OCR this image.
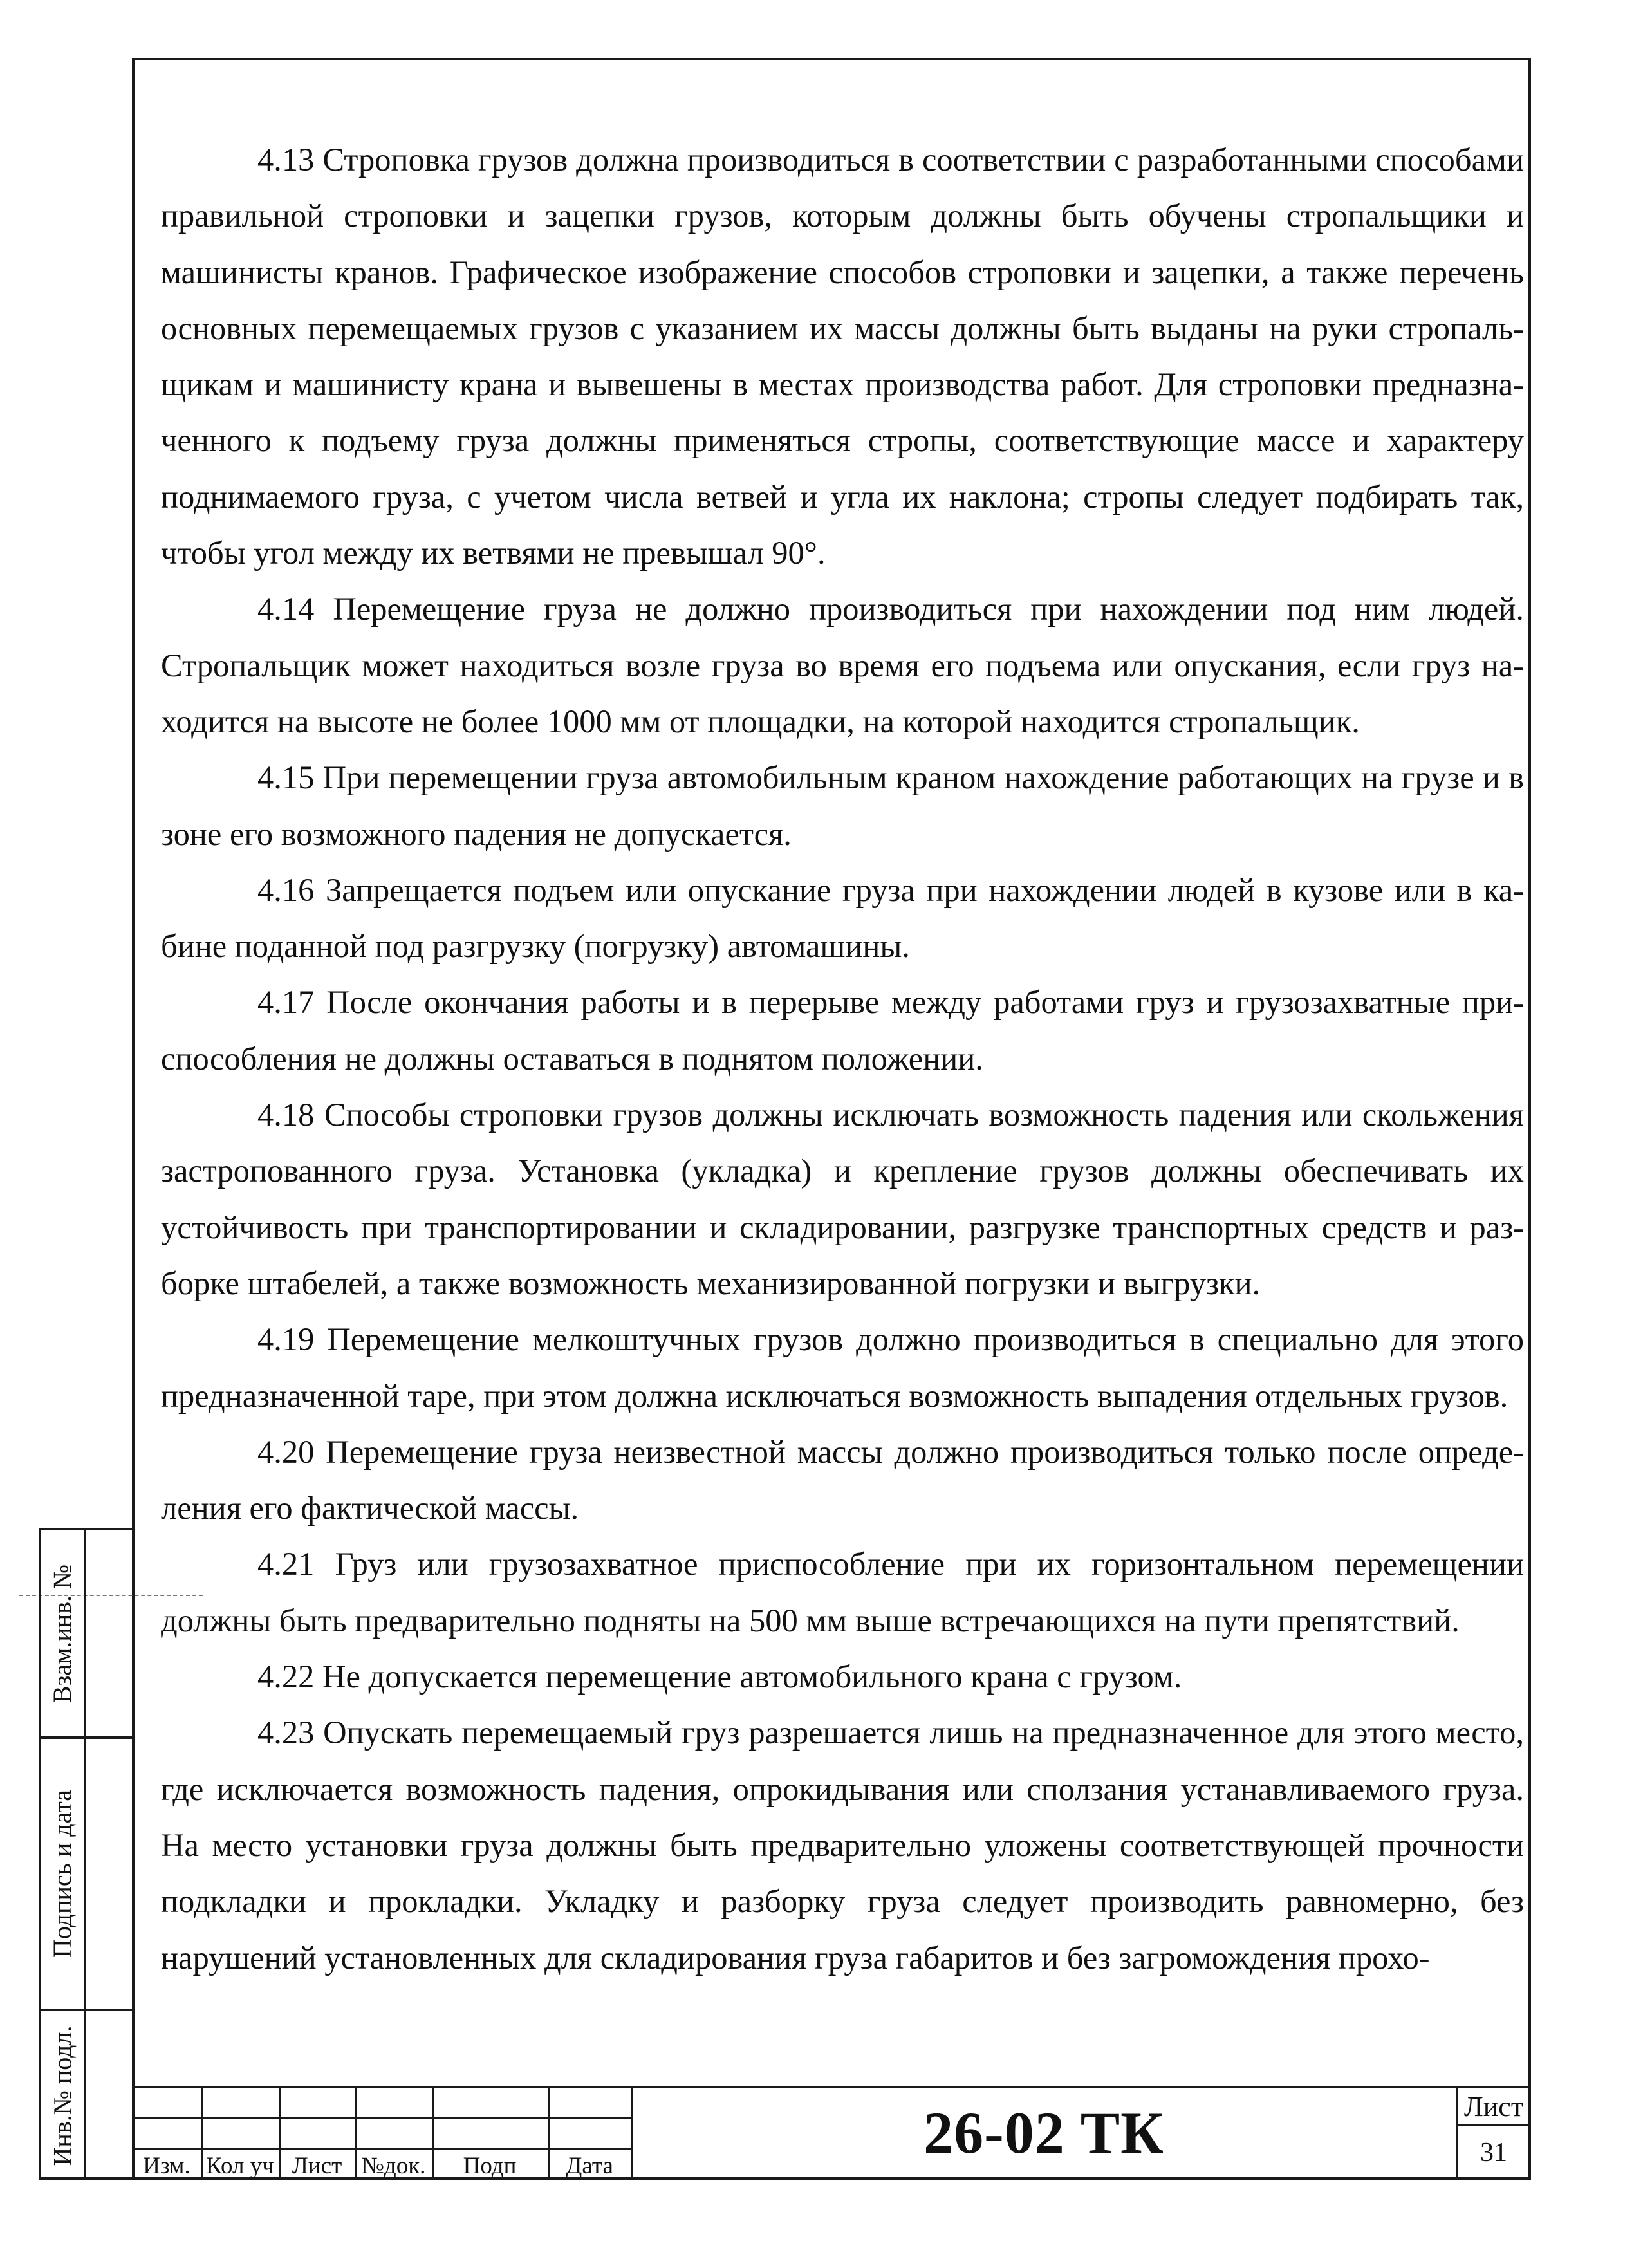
4.13 Строповка грузов должна производиться в соответствии с разработанными способами правильной строповки и зацепки грузов, которым должны быть обучены стропальщики и машинисты кранов. Графическое изображение способов строповки и зацепки, а также перечень основных перемещаемых грузов с указанием их массы должны быть выданы на руки стропальщикам и машинисту крана и вывешены в местах производства работ. Для строповки предназначенного к подъему груза должны применяться стропы, соответствующие массе и характеру поднимаемого груза, с учетом числа ветвей и угла их наклона; стропы следует подбирать так, чтобы угол между их ветвями не превышал 90°.

4.14 Перемещение груза не должно производиться при нахождении под ним людей. Стропальщик может находиться возле груза во время его подъема или опускания, если груз находится на высоте не более 1000 мм от площадки, на которой находится стропальщик.

4.15 При перемещении груза автомобильным краном нахождение работающих на грузе и в зоне его возможного падения не допускается.

4.16 Запрещается подъем или опускание груза при нахождении людей в кузове или в кабине поданной под разгрузку (погрузку) автомашины.

4.17 После окончания работы и в перерыве между работами груз и грузозахватные приспособления не должны оставаться в поднятом положении.

4.18 Способы строповки грузов должны исключать возможность падения или скольжения застропованного груза. Установка (укладка) и крепление грузов должны обеспечивать их устойчивость при транспортировании и складировании, разгрузке транспортных средств и разборке штабелей, а также возможность механизированной погрузки и выгрузки.

4.19 Перемещение мелкоштучных грузов должно производиться в специально для этого предназначенной таре, при этом должна исключаться возможность выпадения отдельных грузов.

4.20 Перемещение груза неизвестной массы должно производиться только после определения его фактической массы.

4.21 Груз или грузозахватное приспособление при их горизонтальном перемещении должны быть предварительно подняты на 500 мм выше встречающихся на пути препятствий.

4.22 Не допускается перемещение автомобильного крана с грузом.

4.23 Опускать перемещаемый груз разрешается лишь на предназначенное для этого место, где исключается возможность падения, опрокидывания или сползания устанавливаемого груза. На место установки груза должны быть предварительно уложены соответствующей прочности подкладки и прокладки. Укладку и разборку груза следует производить равномерно, без нарушений установленных для складирования груза габаритов и без загромождения прохо-

Взам.инв. №
Подпись и дата
Инв.№ подл.
Изм. Кол уч Лист №док.	Подп	Дата
26-02 ТК	Лист
31
